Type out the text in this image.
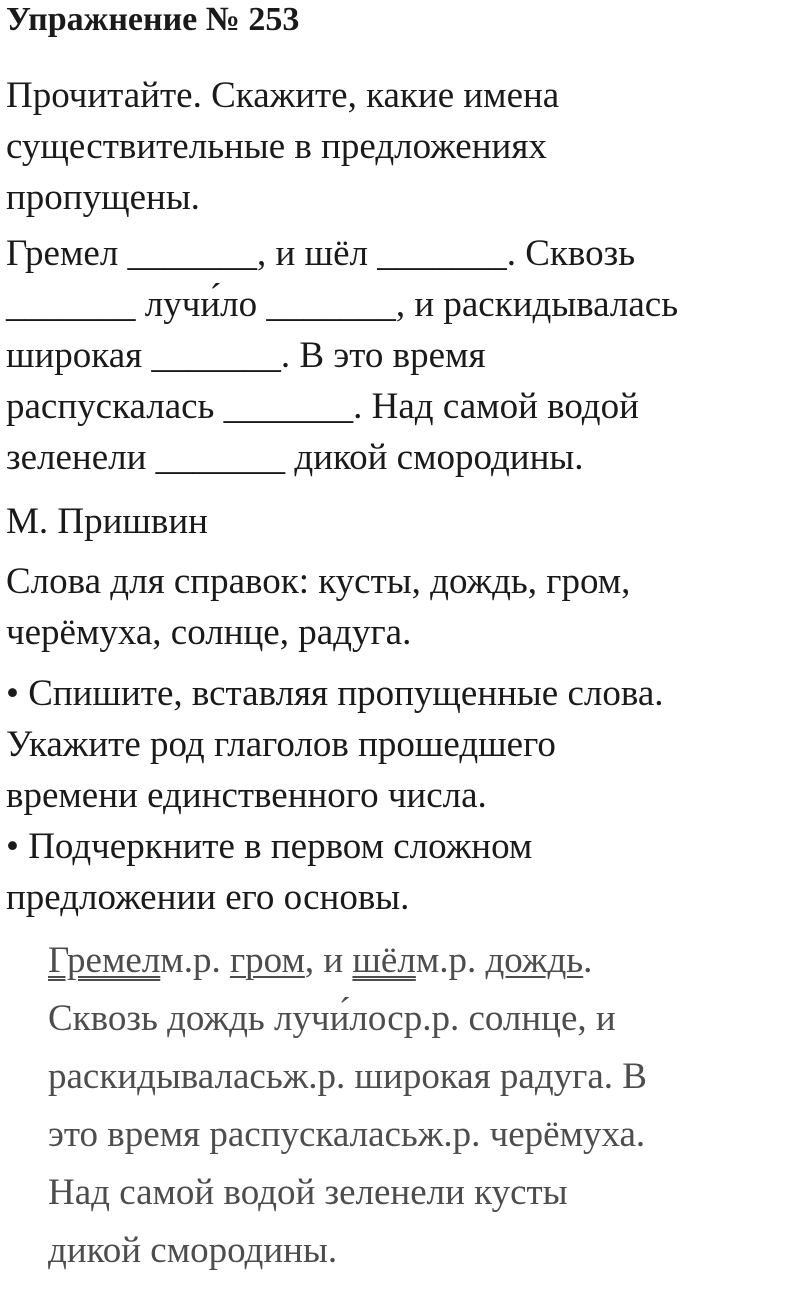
Упражнение № 253
Прочитайте. Скажите, какие имена
существительные в предложениях
пропущены.
Гремел _______, и шёл _______. Сквозь
_______ лучи́ло _______, и раскидывалась
широкая _______. В это время
распускалась _______. Над самой водой
зеленели _______ дикой смородины.
М. Пришвин
Слова для справок: кусты, дождь, гром,
черёмуха, солнце, радуга.
• Спишите, вставляя пропущенные слова.
Укажите род глаголов прошедшего
времени единственного числа.
• Подчеркните в первом сложном
предложении его основы.
Гремелм.р. гром, и шёлм.р. дождь.
Сквозь дождь лучи́лоср.р. солнце, и
раскидываласьж.р. широкая радуга. В
это время распускаласьж.р. черёмуха.
Над самой водой зеленели кусты
дикой смородины.
